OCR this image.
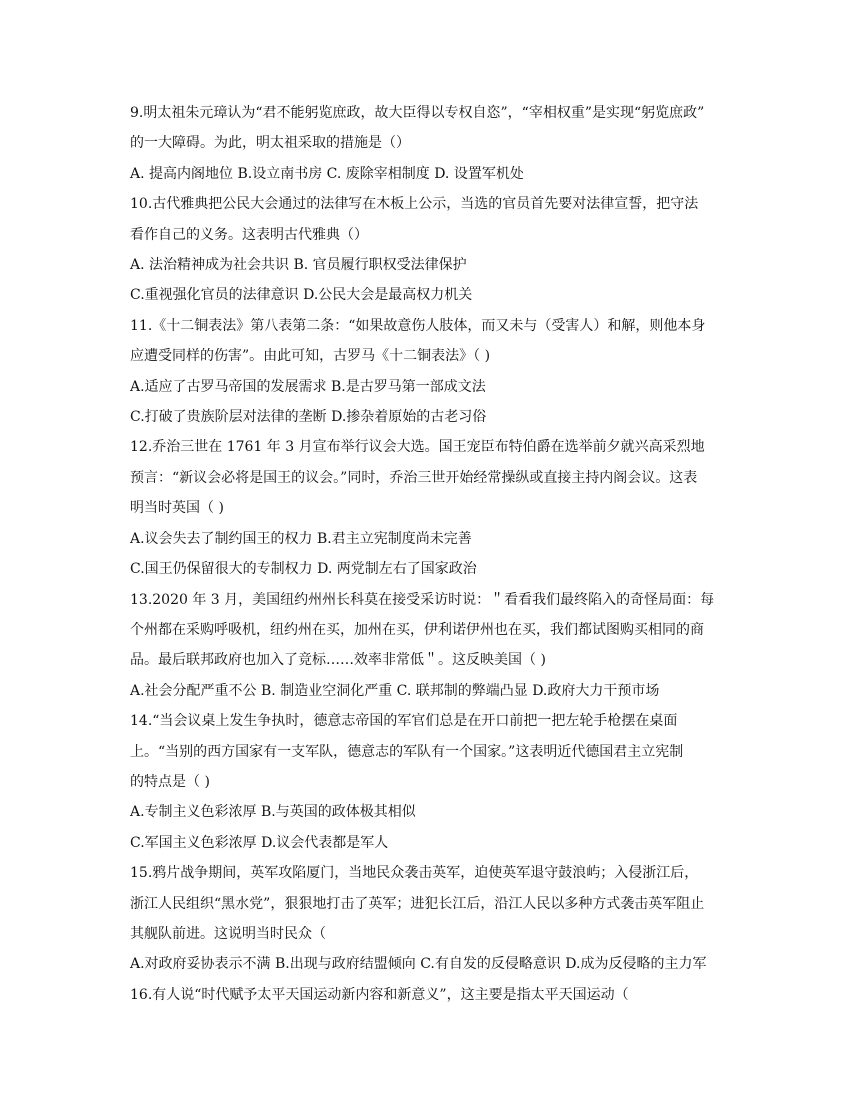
9.明太祖朱元璋认为“君不能躬览庶政，故大臣得以专权自恣”，“宰相权重”是实现“躬览庶政”
的一大障碍。为此，明太祖采取的措施是（）
A. 提高内阁地位 B.设立南书房 C. 废除宰相制度 D. 设置军机处
10.古代雅典把公民大会通过的法律写在木板上公示，当选的官员首先要对法律宣誓，把守法
看作自己的义务。这表明古代雅典（）
A. 法治精神成为社会共识 B. 官员履行职权受法律保护
C.重视强化官员的法律意识 D.公民大会是最高权力机关
11.《十二铜表法》第八表第二条：“如果故意伤人肢体，而又未与（受害人）和解，则他本身
应遭受同样的伤害”。由此可知，古罗马《十二铜表法》（ )
A.适应了古罗马帝国的发展需求 B.是古罗马第一部成文法
C.打破了贵族阶层对法律的垄断 D.掺杂着原始的古老习俗
12.乔治三世在 1761 年 3 月宣布举行议会大选。国王宠臣布特伯爵在选举前夕就兴高采烈地
预言：“新议会必将是国王的议会。”同时，乔治三世开始经常操纵或直接主持内阁会议。这表
明当时英国（ )
A.议会失去了制约国王的权力 B.君主立宪制度尚未完善
C.国王仍保留很大的专制权力 D. 两党制左右了国家政治
13.2020 年 3 月，美国纽约州州长科莫在接受采访时说：＂看看我们最终陷入的奇怪局面：每
个州都在采购呼吸机，纽约州在买，加州在买，伊利诺伊州也在买，我们都试图购买相同的商
品。最后联邦政府也加入了竞标……效率非常低＂。这反映美国（ )
A.社会分配严重不公 B. 制造业空洞化严重 C. 联邦制的弊端凸显 D.政府大力干预市场
14.“当会议桌上发生争执时，德意志帝国的军官们总是在开口前把一把左轮手枪摆在桌面
上。“当别的西方国家有一支军队，德意志的军队有一个国家。”这表明近代德国君主立宪制
的特点是（ )
A.专制主义色彩浓厚 B.与英国的政体极其相似
C.军国主义色彩浓厚 D.议会代表都是军人
15.鸦片战争期间，英军攻陷厦门，当地民众袭击英军，迫使英军退守鼓浪屿；入侵浙江后，
浙江人民组织“黑水党”，狠狠地打击了英军；进犯长江后，沿江人民以多种方式袭击英军阻止
其舰队前进。这说明当时民众（
A.对政府妥协表示不满 B.出现与政府结盟倾向 C.有自发的反侵略意识 D.成为反侵略的主力军
16.有人说“时代赋予太平天国运动新内容和新意义”，这主要是指太平天国运动（
